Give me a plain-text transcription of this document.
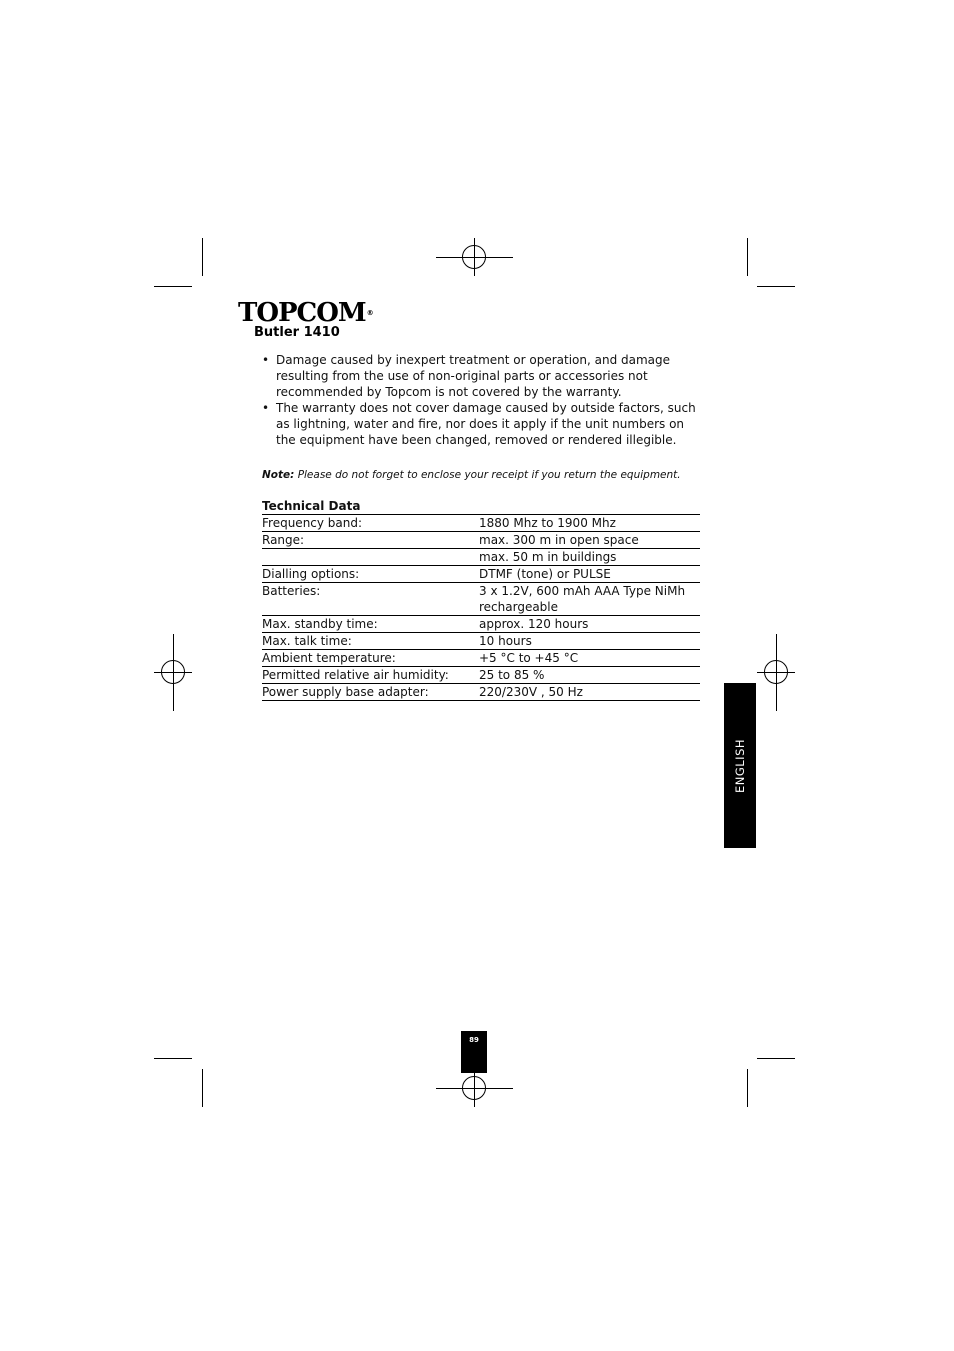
TOPCOM®
Butler 1410
• Damage caused by inexpert treatment or operation, and damage resulting from the use of non-original parts or accessories not recommended by Topcom is not covered by the warranty.
• The warranty does not cover damage caused by outside factors, such as lightning, water and fire, nor does it apply if the unit numbers on the equipment have been changed, removed or rendered illegible.
Note: Please do not forget to enclose your receipt if you return the equipment.
Technical Data
Frequency band:	1880 Mhz to 1900 Mhz
Range:	max. 300 m in open space
	max. 50 m in buildings
Dialling options:	DTMF (tone) or PULSE
Batteries:	3 x 1.2V, 600 mAh AAA Type NiMh rechargeable
Max. standby time:	approx. 120 hours
Max. talk time:	10 hours
Ambient temperature:	+5 °C to +45 °C
Permitted relative air humidity:	25 to 85 %
Power supply base adapter:	220/230V , 50 Hz
ENGLISH
89
